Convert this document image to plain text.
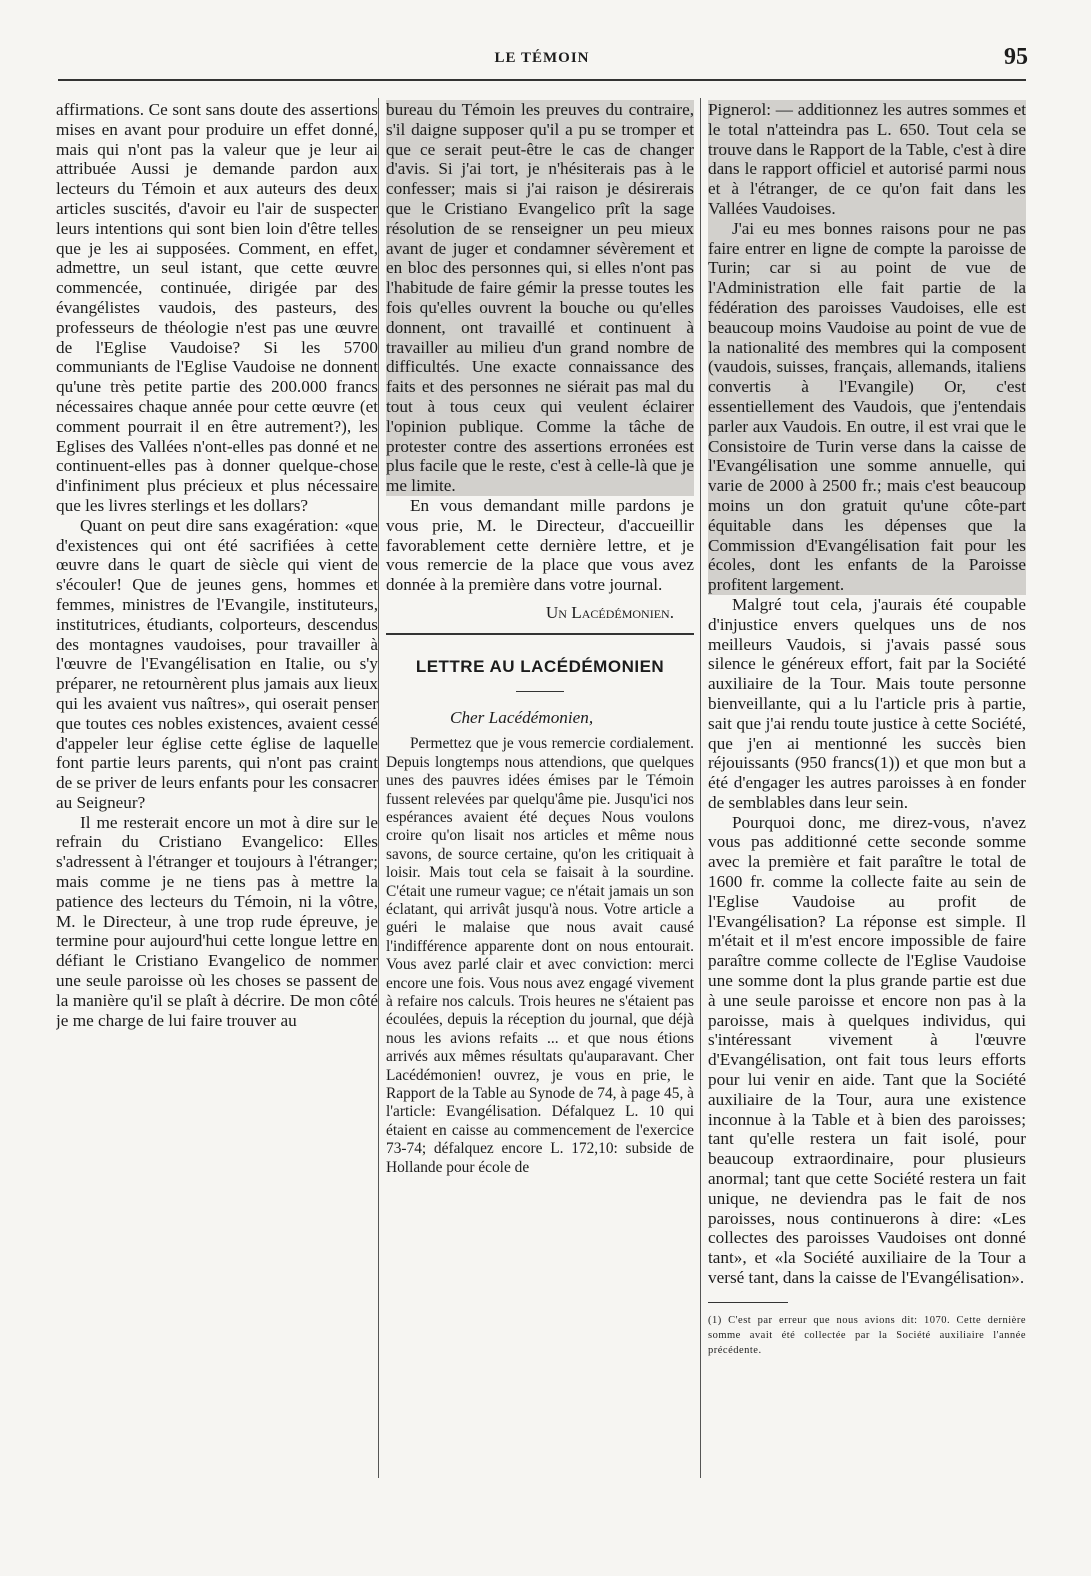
LE TÉMOIN	95

affirmations. Ce sont sans doute des assertions mises en avant pour produire un effet donné, mais qui n'ont pas la valeur que je leur ai attribuée Aussi je demande pardon aux lecteurs du Témoin et aux auteurs des deux articles suscités, d'avoir eu l'air de suspecter leurs intentions qui sont bien loin d'être telles que je les ai supposées. Comment, en effet, admettre, un seul istant, que cette œuvre commencée, continuée, dirigée par des évangélistes vaudois, des pasteurs, des professeurs de théologie n'est pas une œuvre de l'Eglise Vaudoise? Si les 5700 communiants de l'Eglise Vaudoise ne donnent qu'une très petite partie des 200.000 francs nécessaires chaque année pour cette œuvre (et comment pourrait il en être autrement?), les Eglises des Vallées n'ont-elles pas donné et ne continuent-elles pas à donner quelque-chose d'infiniment plus précieux et plus nécessaire que les livres sterlings et les dollars?

Quant on peut dire sans exagération: «que d'existences qui ont été sacrifiées à cette œuvre dans le quart de siècle qui vient de s'écouler! Que de jeunes gens, hommes et femmes, ministres de l'Evangile, instituteurs, institutrices, étudiants, colporteurs, descendus des montagnes vaudoises, pour travailler à l'œuvre de l'Evangélisation en Italie, ou s'y préparer, ne retournèrent plus jamais aux lieux qui les avaient vus naîtres», qui oserait penser que toutes ces nobles existences, avaient cessé d'appeler leur église cette église de laquelle font partie leurs parents, qui n'ont pas craint de se priver de leurs enfants pour les consacrer au Seigneur?

Il me resterait encore un mot à dire sur le refrain du Cristiano Evangelico: Elles s'adressent à l'étranger et toujours à l'étranger; mais comme je ne tiens pas à mettre la patience des lecteurs du Témoin, ni la vôtre, M. le Directeur, à une trop rude épreuve, je termine pour aujourd'hui cette longue lettre en défiant le Cristiano Evangelico de nommer une seule paroisse où les choses se passent de la manière qu'il se plaît à décrire. De mon côté je me charge de lui faire trouver au

bureau du Témoin les preuves du contraire, s'il daigne supposer qu'il a pu se tromper et que ce serait peut-être le cas de changer d'avis. Si j'ai tort, je n'hésiterais pas à le confesser; mais si j'ai raison je désirerais que le Cristiano Evangelico prît la sage résolution de se renseigner un peu mieux avant de juger et condamner sévèrement et en bloc des personnes qui, si elles n'ont pas l'habitude de faire gémir la presse toutes les fois qu'elles ouvrent la bouche ou qu'elles donnent, ont travaillé et continuent à travailler au milieu d'un grand nombre de difficultés. Une exacte connaissance des faits et des personnes ne siérait pas mal du tout à tous ceux qui veulent éclairer l'opinion publique. Comme la tâche de protester contre des assertions erronées est plus facile que le reste, c'est à celle-là que je me limite.

En vous demandant mille pardons je vous prie, M. le Directeur, d'accueillir favorablement cette dernière lettre, et je vous remercie de la place que vous avez donnée à la première dans votre journal.

Un Lacédémonien.

LETTRE AU LACÉDÉMONIEN

Cher Lacédémonien,

Permettez que je vous remercie cordialement. Depuis longtemps nous attendions, que quelques unes des pauvres idées émises par le Témoin fussent relevées par quelqu'âme pie. Jusqu'ici nos espérances avaient été deçues Nous voulons croire qu'on lisait nos articles et même nous savons, de source certaine, qu'on les critiquait à loisir. Mais tout cela se faisait à la sourdine. C'était une rumeur vague; ce n'était jamais un son éclatant, qui arrivât jusqu'à nous. Votre article a guéri le malaise que nous avait causé l'indifférence apparente dont on nous entourait. Vous avez parlé clair et avec conviction: merci encore une fois. Vous nous avez engagé vivement à refaire nos calculs. Trois heures ne s'étaient pas écoulées, depuis la réception du journal, que déjà nous les avions refaits ... et que nous étions arrivés aux mêmes résultats qu'auparavant. Cher Lacédémonien! ouvrez, je vous en prie, le Rapport de la Table au Synode de 74, à page 45, à l'article: Evangélisation. Défalquez L. 10 qui étaient en caisse au commencement de l'exercice 73-74; défalquez encore L. 172,10: subside de Hollande pour école de

Pignerol: — additionnez les autres sommes et le total n'atteindra pas L. 650. Tout cela se trouve dans le Rapport de la Table, c'est à dire dans le rapport officiel et autorisé parmi nous et à l'étranger, de ce qu'on fait dans les Vallées Vaudoises.

J'ai eu mes bonnes raisons pour ne pas faire entrer en ligne de compte la paroisse de Turin; car si au point de vue de l'Administration elle fait partie de la fédération des paroisses Vaudoises, elle est beaucoup moins Vaudoise au point de vue de la nationalité des membres qui la composent (vaudois, suisses, français, allemands, italiens convertis à l'Evangile) Or, c'est essentiellement des Vaudois, que j'entendais parler aux Vaudois. En outre, il est vrai que le Consistoire de Turin verse dans la caisse de l'Evangélisation une somme annuelle, qui varie de 2000 à 2500 fr.; mais c'est beaucoup moins un don gratuit qu'une côte-part équitable dans les dépenses que la Commission d'Evangélisation fait pour les écoles, dont les enfants de la Paroisse profitent largement.

Malgré tout cela, j'aurais été coupable d'injustice envers quelques uns de nos meilleurs Vaudois, si j'avais passé sous silence le généreux effort, fait par la Société auxiliaire de la Tour. Mais toute personne bienveillante, qui a lu l'article pris à partie, sait que j'ai rendu toute justice à cette Société, que j'en ai mentionné les succès bien réjouissants (950 francs(1)) et que mon but a été d'engager les autres paroisses à en fonder de semblables dans leur sein.

Pourquoi donc, me direz-vous, n'avez vous pas additionné cette seconde somme avec la première et fait paraître le total de 1600 fr. comme la collecte faite au sein de l'Eglise Vaudoise au profit de l'Evangélisation? La réponse est simple. Il m'était et il m'est encore impossible de faire paraître comme collecte de l'Eglise Vaudoise une somme dont la plus grande partie est due à une seule paroisse et encore non pas à la paroisse, mais à quelques individus, qui s'intéressant vivement à l'œuvre d'Evangélisation, ont fait tous leurs efforts pour lui venir en aide. Tant que la Société auxiliaire de la Tour, aura une existence inconnue à la Table et à bien des paroisses; tant qu'elle restera un fait isolé, pour beaucoup extraordinaire, pour plusieurs anormal; tant que cette Société restera un fait unique, ne deviendra pas le fait de nos paroisses, nous continuerons à dire: «Les collectes des paroisses Vaudoises ont donné tant», et «la Société auxiliaire de la Tour a versé tant, dans la caisse de l'Evangélisation».

(1) C'est par erreur que nous avions dit: 1070. Cette dernière somme avait été collectée par la Société auxiliaire l'année précédente.
